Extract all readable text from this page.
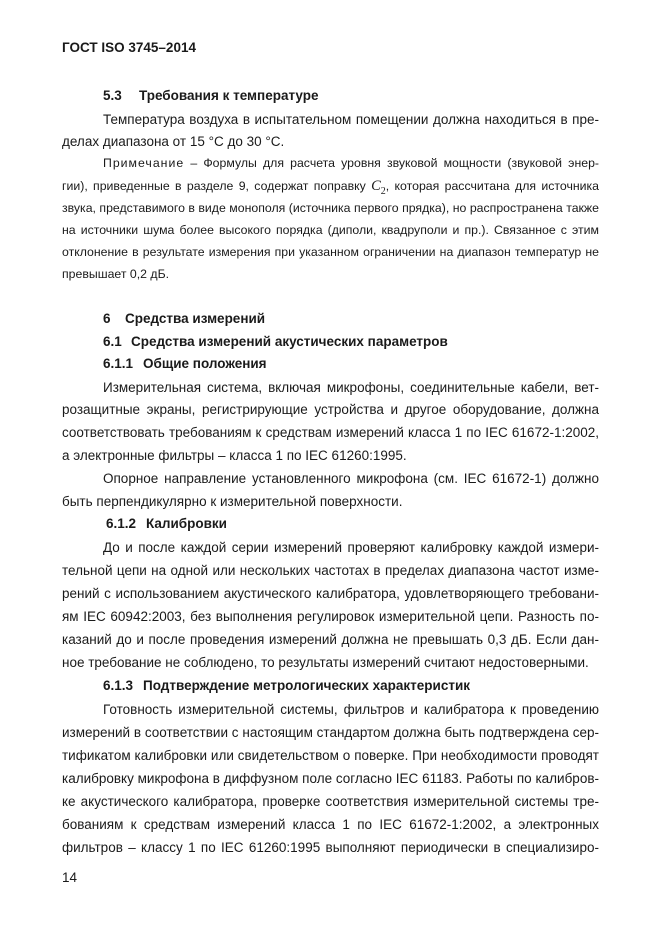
ГОСТ ISO 3745–2014
5.3 Требования к температуре
Температура воздуха в испытательном помещении должна находиться в пре-
делах диапазона от 15 °С до 30 °С.
Примечание – Формулы для расчета уровня звуковой мощности (звуковой энер-
гии), приведенные в разделе 9, содержат поправку $C_2$, которая рассчитана для источника
звука, представимого в виде монополя (источника первого прядка), но распространена также
на источники шума более высокого порядка (диполи, квадруполи и пр.). Связанное с этим
отклонение в результате измерения при указанном ограничении на диапазон температур не
превышает 0,2 дБ.
6 Средства измерений
6.1 Средства измерений акустических параметров
6.1.1 Общие положения
Измерительная система, включая микрофоны, соединительные кабели, вет-
розащитные экраны, регистрирующие устройства и другое оборудование, должна
соответствовать требованиям к средствам измерений класса 1 по IEC 61672-1:2002,
а электронные фильтры – класса 1 по IEC 61260:1995.
Опорное направление установленного микрофона (см. IEC 61672-1) должно
быть перпендикулярно к измерительной поверхности.
6.1.2 Калибровки
До и после каждой серии измерений проверяют калибровку каждой измери-
тельной цепи на одной или нескольких частотах в пределах диапазона частот изме-
рений с использованием акустического калибратора, удовлетворяющего требовани-
ям IEC 60942:2003, без выполнения регулировок измерительной цепи. Разность по-
казаний до и после проведения измерений должна не превышать 0,3 дБ. Если дан-
ное требование не соблюдено, то результаты измерений считают недостоверными.
6.1.3 Подтверждение метрологических характеристик
Готовность измерительной системы, фильтров и калибратора к проведению
измерений в соответствии с настоящим стандартом должна быть подтверждена сер-
тификатом калибровки или свидетельством о поверке. При необходимости проводят
калибровку микрофона в диффузном поле согласно IEC 61183. Работы по калибров-
ке акустического калибратора, проверке соответствия измерительной системы тре-
бованиям к средствам измерений класса 1 по IEC 61672-1:2002, а электронных
фильтров – классу 1 по IEC 61260:1995 выполняют периодически в специализиро-
14
